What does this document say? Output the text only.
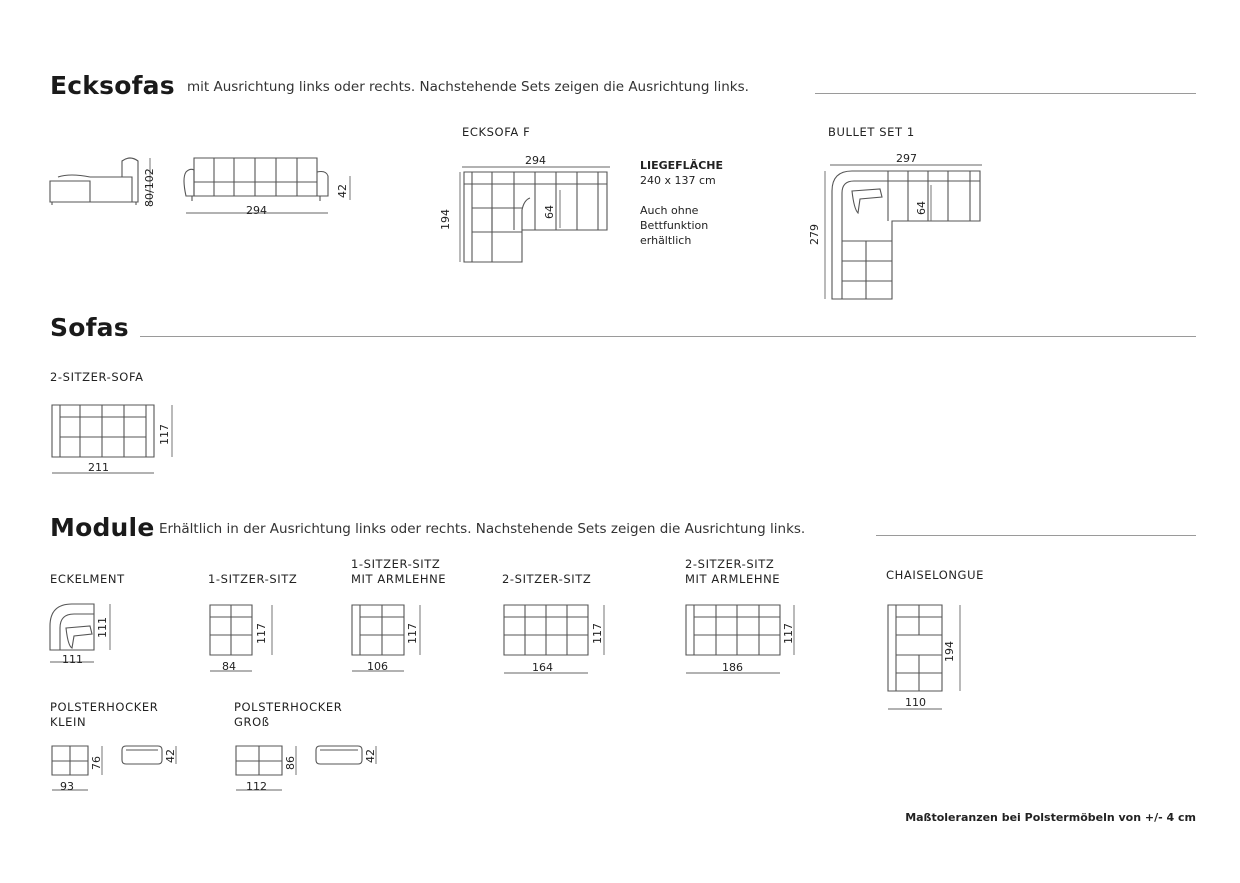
Ecksofas mit Ausrichtung links oder rechts. Nachstehende Sets zeigen die Ausrichtung links.
80/102
294
42
ECKSOFA F
294
194	64
LIEGEFLÄCHE
240 x 137 cm
Auch ohne
Bettfunktion
erhältlich
BULLET SET 1
297
279
64
Sofas
2-SITZER-SOFA
211
117
Module Erhältlich in der Ausrichtung links oder rechts. Nachstehende Sets zeigen die Ausrichtung links.
ECKELMENT
111
111
1-SITZER-SITZ
84
117
1-SITZER-SITZ
MIT ARMLEHNE
106
117
2-SITZER-SITZ
164
117
2-SITZER-SITZ
MIT ARMLEHNE
186
117
CHAISELONGUE
110
194
POLSTERHOCKER
KLEIN
93
76	42
POLSTERHOCKER
GROß
112
86	42
Maßtoleranzen bei Polstermöbeln von +/- 4 cm
